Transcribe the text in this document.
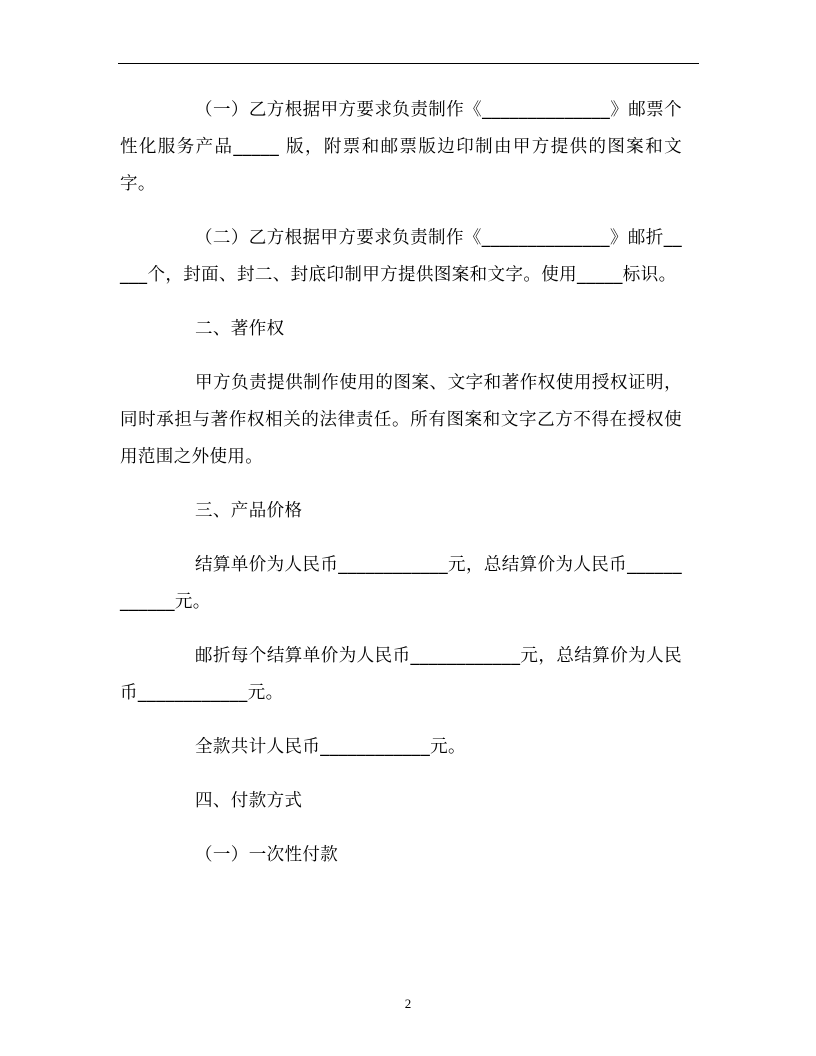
（一）乙方根据甲方要求负责制作《______________》邮票个性化服务产品_____ 版，附票和邮票版边印制由甲方提供的图案和文字。

（二）乙方根据甲方要求负责制作《______________》邮折_____个，封面、封二、封底印制甲方提供图案和文字。使用_____标识。

二、著作权

甲方负责提供制作使用的图案、文字和著作权使用授权证明，同时承担与著作权相关的法律责任。所有图案和文字乙方不得在授权使用范围之外使用。

三、产品价格

结算单价为人民币____________元，总结算价为人民币____________元。

邮折每个结算单价为人民币____________元，总结算价为人民币____________元。

全款共计人民币____________元。

四、付款方式

（一）一次性付款

2
